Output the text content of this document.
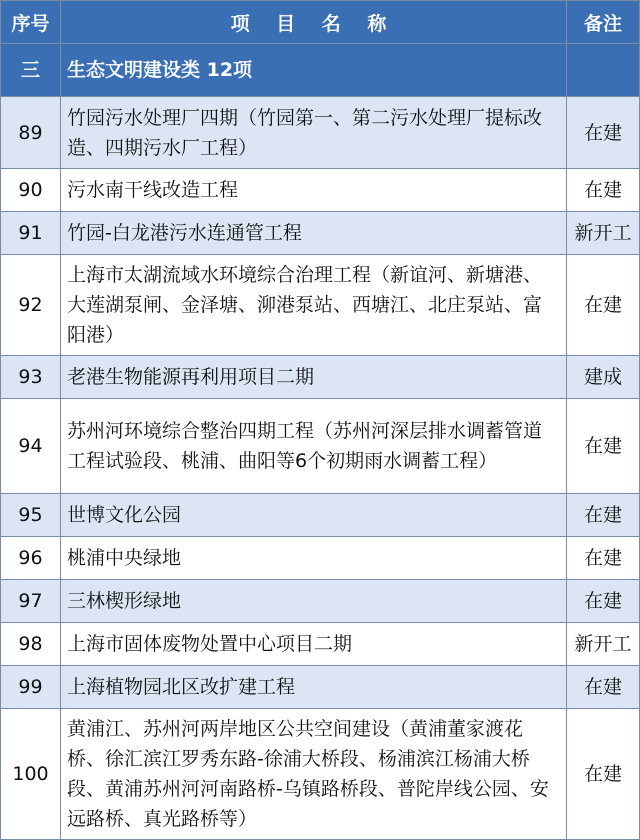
序号	项 目 名 称	备注
三	生态文明建设类 12项	
89	竹园污水处理厂四期（竹园第一、第二污水处理厂提标改造、四期污水厂工程）	在建
90	污水南干线改造工程	在建
91	竹园-白龙港污水连通管工程	新开工
92	上海市太湖流域水环境综合治理工程（新谊河、新塘港、大莲湖泵闸、金泽塘、泖港泵站、西塘江、北庄泵站、富阳港）	在建
93	老港生物能源再利用项目二期	建成
94	苏州河环境综合整治四期工程（苏州河深层排水调蓄管道工程试验段、桃浦、曲阳等6个初期雨水调蓄工程）	在建
95	世博文化公园	在建
96	桃浦中央绿地	在建
97	三林楔形绿地	在建
98	上海市固体废物处置中心项目二期	新开工
99	上海植物园北区改扩建工程	在建
100	黄浦江、苏州河两岸地区公共空间建设（黄浦董家渡花桥、徐汇滨江罗秀东路-徐浦大桥段、杨浦滨江杨浦大桥段、黄浦苏州河河南路桥-乌镇路桥段、普陀岸线公园、安远路桥、真光路桥等）	在建
